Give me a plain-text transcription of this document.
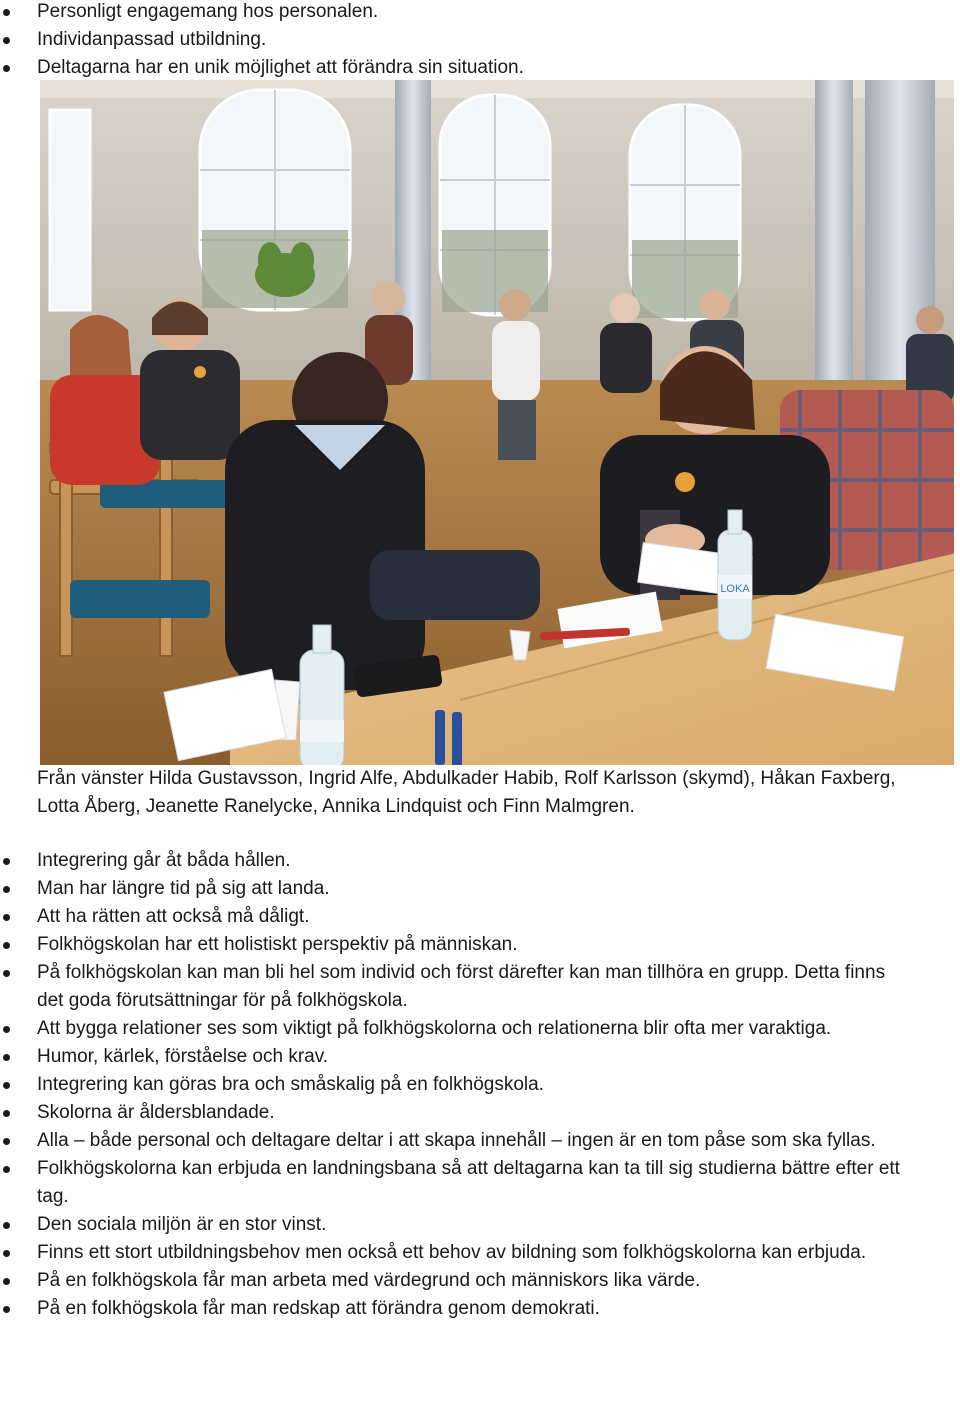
Personligt engagemang hos personalen.
Individanpassad utbildning.
Deltagarna har en unik möjlighet att förändra sin situation.
LOKA
Från vänster Hilda Gustavsson, Ingrid Alfe, Abdulkader Habib, Rolf Karlsson (skymd), Håkan Faxberg, Lotta Åberg, Jeanette Ranelycke, Annika Lindquist och Finn Malmgren.
Integrering går åt båda hållen.
Man har längre tid på sig att landa.
Att ha rätten att också må dåligt.
Folkhögskolan har ett holistiskt perspektiv på människan.
På folkhögskolan kan man bli hel som individ och först därefter kan man tillhöra en grupp. Detta finns det goda förutsättningar för på folkhögskola.
Att bygga relationer ses som viktigt på folkhögskolorna och relationerna blir ofta mer varaktiga.
Humor, kärlek, förståelse och krav.
Integrering kan göras bra och småskalig på en folkhögskola.
Skolorna är åldersblandade.
Alla – både personal och deltagare deltar i att skapa innehåll – ingen är en tom påse som ska fyllas.
Folkhögskolorna kan erbjuda en landningsbana så att deltagarna kan ta till sig studierna bättre efter ett tag.
Den sociala miljön är en stor vinst.
Finns ett stort utbildningsbehov men också ett behov av bildning som folkhögskolorna kan erbjuda.
På en folkhögskola får man arbeta med värdegrund och människors lika värde.
På en folkhögskola får man redskap att förändra genom demokrati.
